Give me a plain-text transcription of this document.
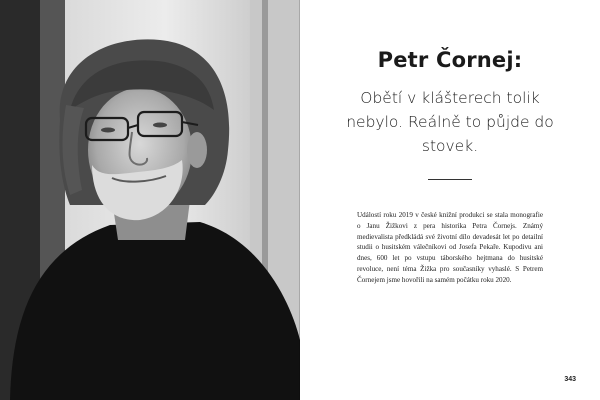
Petr Čornej:
Obětí v klášterech tolik nebylo. Reálně to půjde do stovek.
Událostí roku 2019 v české knižní produkci se stala monografie o Janu Žižkovi z pera historika Petra Čornejs. Známý medievalista předkládá své životní dílo devadesát let po detailní studii o husitském válečníkovi od Josefa Pekaře. Kupodivu ani dnes, 600 let po vstupu táborského hejtmana do husitské revoluce, není téma Žižka pro současníky vyhaslé. S Petrem Čornejem jsme hovořili na samém počátku roku 2020.
343
